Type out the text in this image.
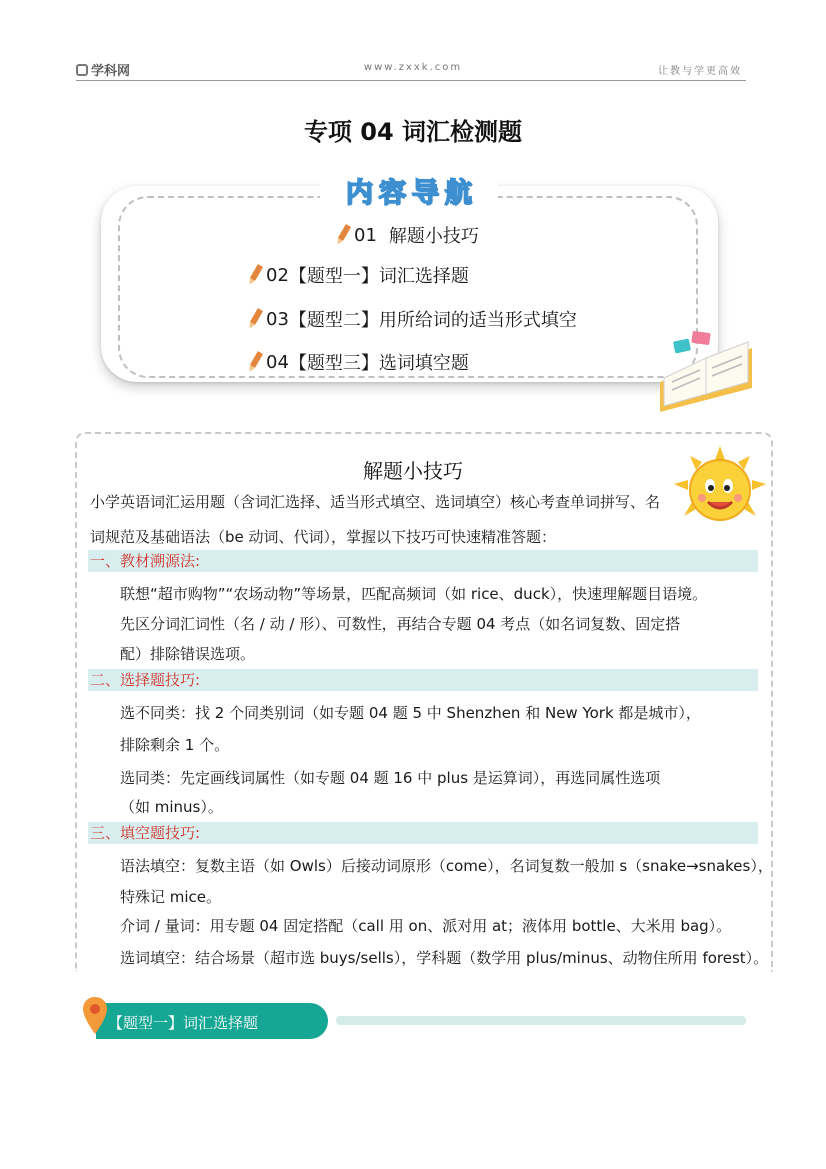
学科网	www.zxxk.com	让教与学更高效
专项 04 词汇检测题
内 容 导 航
01 解题小技巧
02 【题型一】词汇选择题
03 【题型二】用所给词的适当形式填空
04 【题型三】选词填空题
解题小技巧
小学英语词汇运用题（含词汇选择、适当形式填空、选词填空）核心考查单词拼写、名
词规范及基础语法（be 动词、代词），掌握以下技巧可快速精准答题：
一、教材溯源法:
联想“超市购物”“农场动物”等场景，匹配高频词（如 rice、duck），快速理解题目语境。
先区分词汇词性（名 / 动 / 形）、可数性，再结合专题 04 考点（如名词复数、固定搭
配）排除错误选项。
二、选择题技巧:
选不同类：找 2 个同类别词（如专题 04 题 5 中 Shenzhen 和 New York 都是城市），
排除剩余 1 个。
选同类：先定画线词属性（如专题 04 题 16 中 plus 是运算词），再选同属性选项
（如 minus）。
三、填空题技巧:
语法填空：复数主语（如 Owls）后接动词原形（come），名词复数一般加 s（snake→snakes），
特殊记 mice。
介词 / 量词：用专题 04 固定搭配（call 用 on、派对用 at；液体用 bottle、大米用 bag）。
选词填空：结合场景（超市选 buys/sells），学科题（数学用 plus/minus、动物住所用 forest）。
【题型一】词汇选择题
